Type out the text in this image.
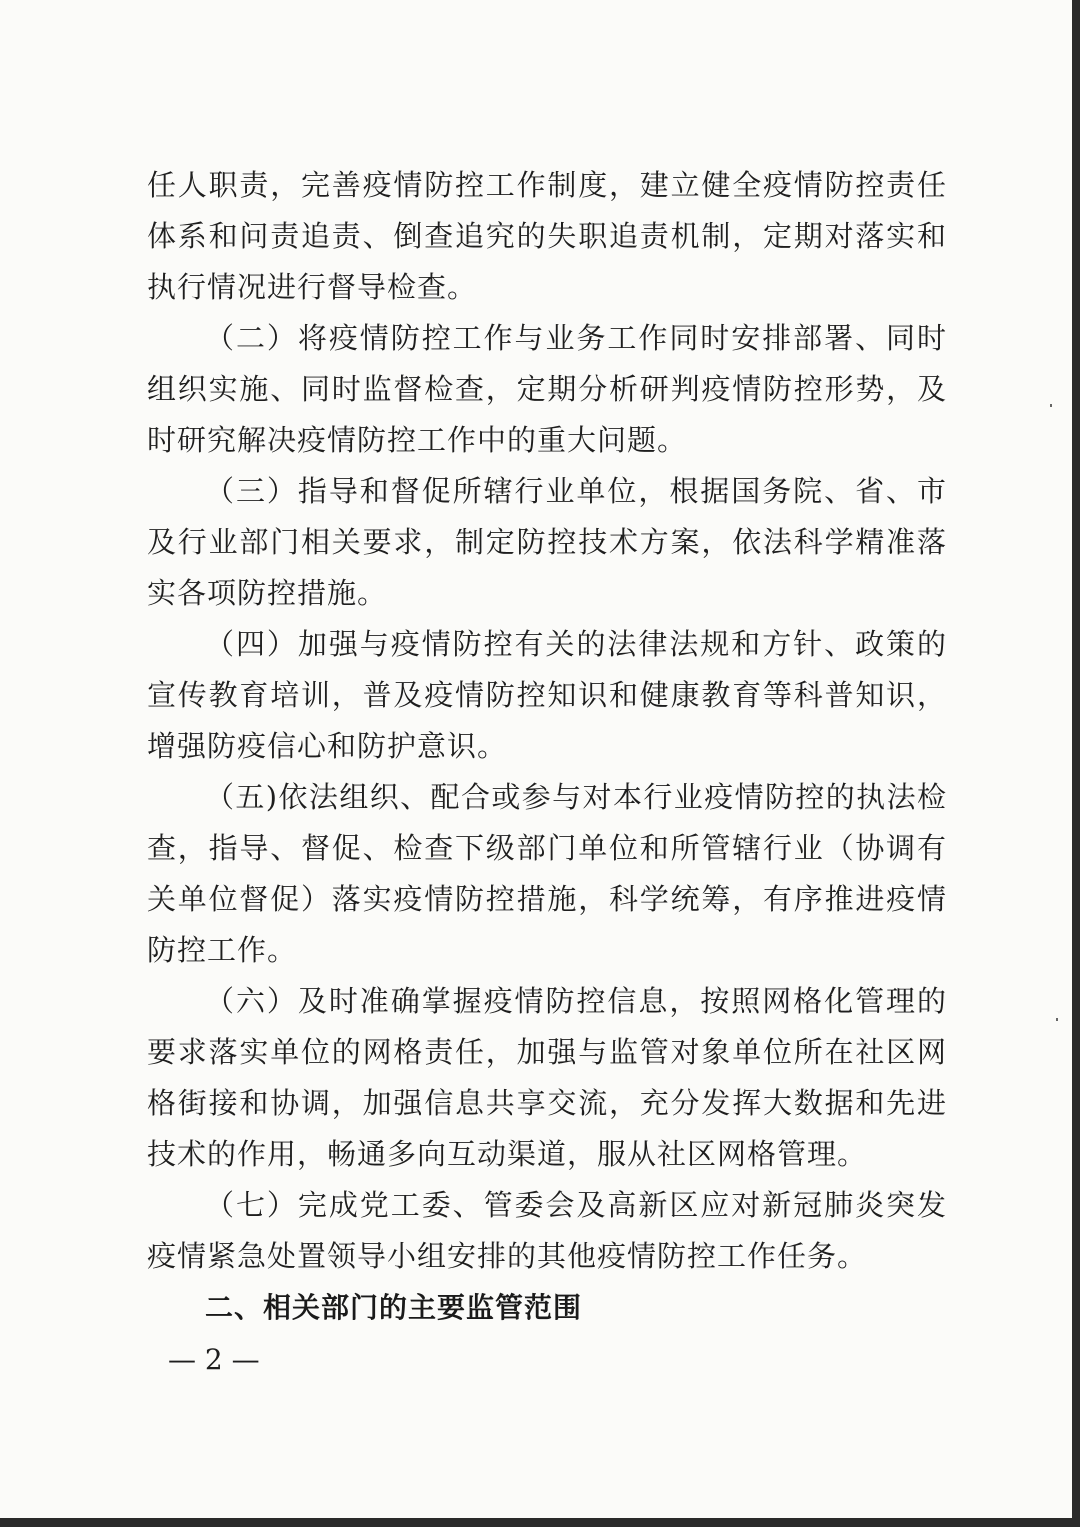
任人职责，完善疫情防控工作制度，建立健全疫情防控责任体系和问责追责、倒查追究的失职追责机制，定期对落实和执行情况进行督导检查。

（二）将疫情防控工作与业务工作同时安排部署、同时组织实施、同时监督检查，定期分析研判疫情防控形势，及时研究解决疫情防控工作中的重大问题。

（三）指导和督促所辖行业单位，根据国务院、省、市及行业部门相关要求，制定防控技术方案，依法科学精准落实各项防控措施。

（四）加强与疫情防控有关的法律法规和方针、政策的宣传教育培训，普及疫情防控知识和健康教育等科普知识，增强防疫信心和防护意识。

（五)依法组织、配合或参与对本行业疫情防控的执法检查，指导、督促、检查下级部门单位和所管辖行业（协调有关单位督促）落实疫情防控措施，科学统筹，有序推进疫情防控工作。

（六）及时准确掌握疫情防控信息，按照网格化管理的要求落实单位的网格责任，加强与监管对象单位所在社区网格街接和协调，加强信息共享交流，充分发挥大数据和先进技术的作用，畅通多向互动渠道，服从社区网格管理。

（七）完成党工委、管委会及高新区应对新冠肺炎突发疫情紧急处置领导小组安排的其他疫情防控工作任务。

二、相关部门的主要监管范围

— 2 —
